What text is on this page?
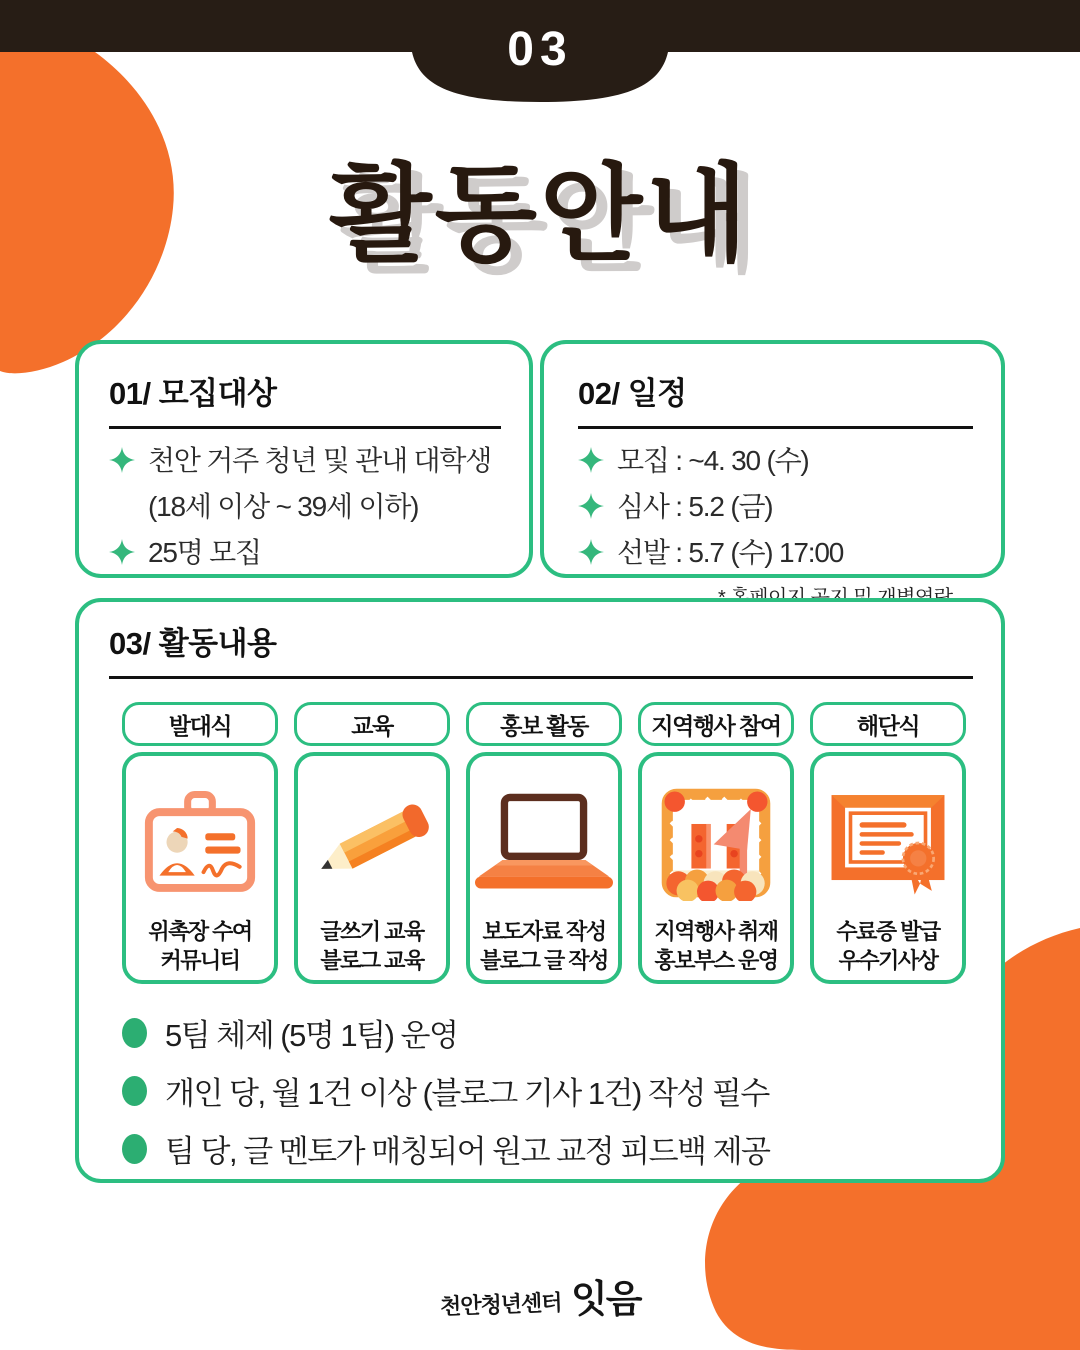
03
활동안내
01/ 모집대상
천안 거주 청년 및 관내 대학생
(18세 이상 ~ 39세 이하)
25명 모집
02/ 일정
모집 : ~4. 30 (수)
심사 : 5.2 (금)
선발 : 5.7 (수) 17:00
03/ 활동내용
발대식
위촉장 수여
커뮤니티
교육
글쓰기 교육
블로그 교육
홍보 활동
보도자료 작성
블로그 글 작성
지역행사 참여
지역행사 취재
홍보부스 운영
해단식
수료증 발급
우수기사상
5팀 체제 (5명 1팀) 운영
개인 당, 월 1건 이상 (블로그 기사 1건) 작성 필수
팀 당, 글 멘토가 매칭되어 원고 교정 피드백 제공
천안청년센터 잇음
